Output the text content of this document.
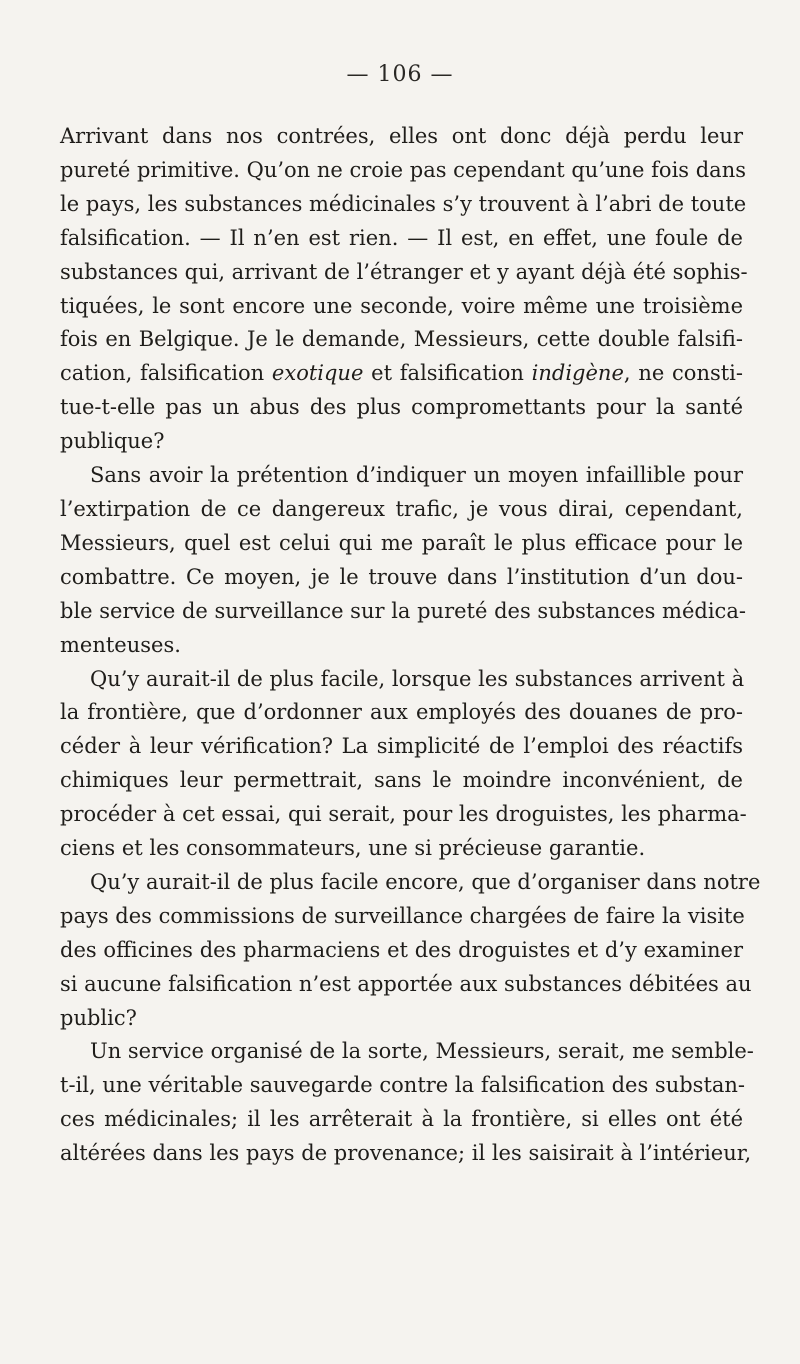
— 106 —

Arrivant dans nos contrées, elles ont donc déjà perdu leur
pureté primitive. Qu’on ne croie pas cependant qu’une fois dans
le pays, les substances médicinales s’y trouvent à l’abri de toute
falsification. — Il n’en est rien. — Il est, en effet, une foule de
substances qui, arrivant de l’étranger et y ayant déjà été sophis-
tiquées, le sont encore une seconde, voire même une troisième
fois en Belgique. Je le demande, Messieurs, cette double falsifi-
cation, falsification exotique et falsification indigène, ne consti-
tue-t-elle pas un abus des plus compromettants pour la santé
publique?

Sans avoir la prétention d’indiquer un moyen infaillible pour
l’extirpation de ce dangereux trafic, je vous dirai, cependant,
Messieurs, quel est celui qui me paraît le plus efficace pour le
combattre. Ce moyen, je le trouve dans l’institution d’un dou-
ble service de surveillance sur la pureté des substances médica-
menteuses.

Qu’y aurait-il de plus facile, lorsque les substances arrivent à
la frontière, que d’ordonner aux employés des douanes de pro-
céder à leur vérification? La simplicité de l’emploi des réactifs
chimiques leur permettrait, sans le moindre inconvénient, de
procéder à cet essai, qui serait, pour les droguistes, les pharma-
ciens et les consommateurs, une si précieuse garantie.

Qu’y aurait-il de plus facile encore, que d’organiser dans notre
pays des commissions de surveillance chargées de faire la visite
des officines des pharmaciens et des droguistes et d’y examiner
si aucune falsification n’est apportée aux substances débitées au
public?

Un service organisé de la sorte, Messieurs, serait, me semble-
t-il, une véritable sauvegarde contre la falsification des substan-
ces médicinales; il les arrêterait à la frontière, si elles ont été
altérées dans les pays de provenance; il les saisirait à l’intérieur,
